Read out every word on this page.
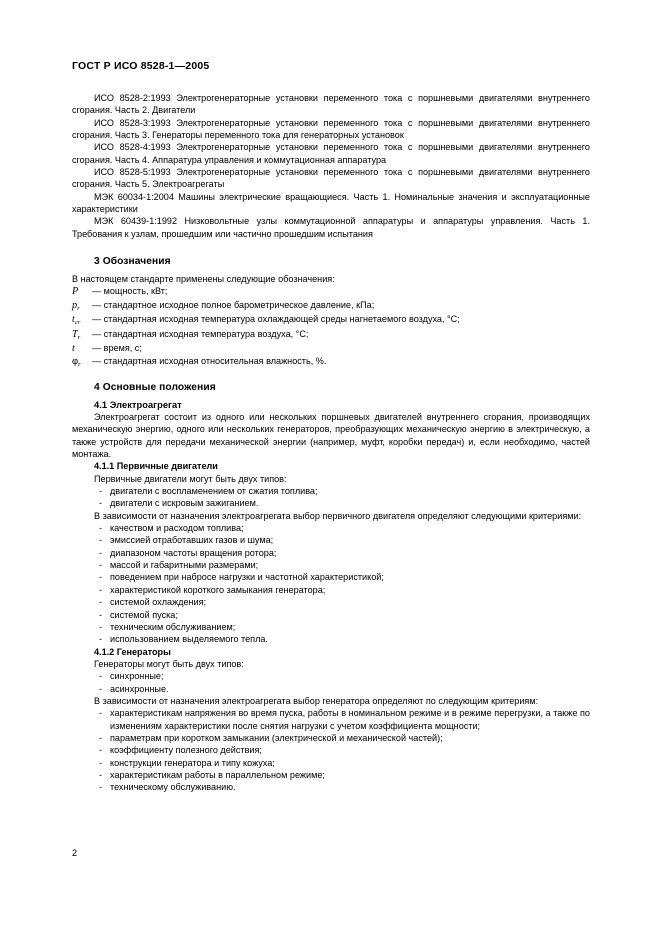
ГОСТ Р ИСО 8528-1—2005

ИСО 8528-2:1993 Электрогенераторные установки переменного тока с поршневыми двигателями внутреннего сгорания. Часть 2. Двигатели

ИСО 8528-3:1993 Электрогенераторные установки переменного тока с поршневыми двигателями внутреннего сгорания. Часть 3. Генераторы переменного тока для генераторных установок

ИСО 8528-4:1993 Электрогенераторные установки переменного тока с поршневыми двигателями внутреннего сгорания. Часть 4. Аппаратура управления и коммутационная аппаратура

ИСО 8528-5:1993 Электрогенераторные установки переменного тока с поршневыми двигателями внутреннего сгорания. Часть 5. Электроагрегаты

МЭК 60034-1:2004 Машины электрические вращающиеся. Часть 1. Номинальные значения и эксплуатационные характеристики

МЭК 60439-1:1992 Низковольтные узлы коммутационной аппаратуры и аппаратуры управления. Часть 1. Требования к узлам, прошедшим или частично прошедшим испытания

3 Обозначения

В настоящем стандарте применены следующие обозначения:

P	— мощность, кВт;
$p_r$	— стандартное исходное полное барометрическое давление, кПа;
$t_{cr}$	— стандартная исходная температура охлаждающей среды нагнетаемого воздуха, °С;
$T_r$	— стандартная исходная температура воздуха, °С;
t	— время, с;
$\varphi_r$	— стандартная исходная относительная влажность, %.
4 Основные положения
4.1 Электроагрегат

Электроагрегат состоит из одного или нескольких поршневых двигателей внутреннего сгорания, производящих механическую энергию, одного или нескольких генераторов, преобразующих механическую энергию в электрическую, а также устройств для передачи механической энергии (например, муфт, коробки передач) и, если необходимо, частей монтажа.

4.1.1 Первичные двигатели

Первичные двигатели могут быть двух типов:

- двигатели с воспламенением от сжатия топлива;
- двигатели с искровым зажиганием.

В зависимости от назначения электроагрегата выбор первичного двигателя определяют следующими критериями:

- качеством и расходом топлива;
- эмиссией отработавших газов и шума;
- диапазоном частоты вращения ротора;
- массой и габаритными размерами;
- поведением при набросе нагрузки и частотной характеристикой;
- характеристикой короткого замыкания генератора;
- системой охлаждения;
- системой пуска;
- техническим обслуживанием;
- использованием выделяемого тепла.
4.1.2 Генераторы

Генераторы могут быть двух типов:

- синхронные;
- асинхронные.

В зависимости от назначения электроагрегата выбор генератора определяют по следующим критериям:

- характеристикам напряжения во время пуска, работы в номинальном режиме и в режиме перегрузки, а также по изменениям характеристики после снятия нагрузки с учетом коэффициента мощности;
- параметрам при коротком замыкании (электрической и механической частей);
- коэффициенту полезного действия;
- конструкции генератора и типу кожуха;
- характеристикам работы в параллельном режиме;
- техническому обслуживанию.
2
